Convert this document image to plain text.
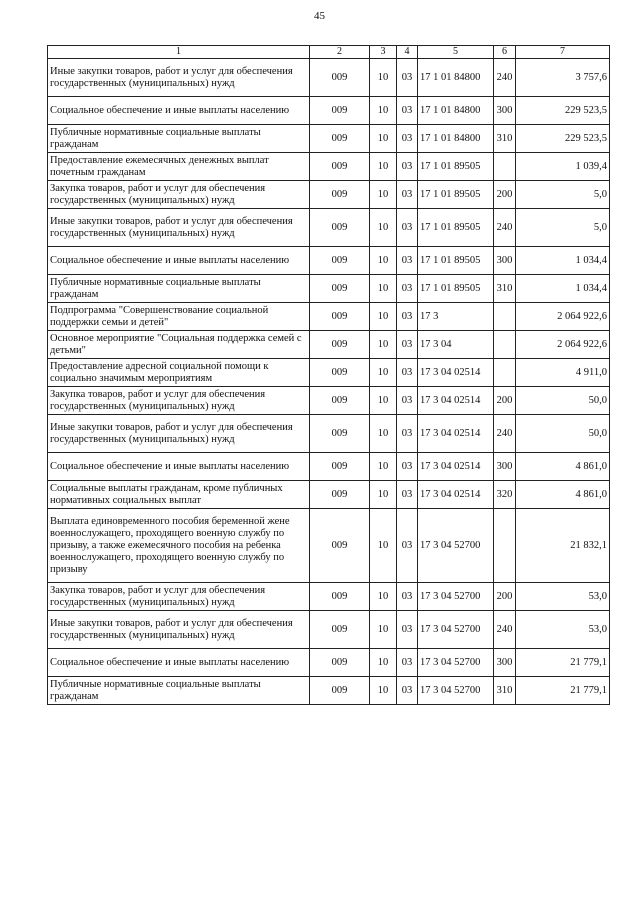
45
1	2	3	4	5	6	7
Иные закупки товаров, работ и услуг для обеспечения государственных (муниципальных) нужд	009	10	03	17 1 01 84800	240	3 757,6
Социальное обеспечение и иные выплаты населению	009	10	03	17 1 01 84800	300	229 523,5
Публичные нормативные социальные выплаты гражданам	009	10	03	17 1 01 84800	310	229 523,5
Предоставление ежемесячных денежных выплат почетным гражданам	009	10	03	17 1 01 89505		1 039,4
Закупка товаров, работ и услуг для обеспечения государственных (муниципальных) нужд	009	10	03	17 1 01 89505	200	5,0
Иные закупки товаров, работ и услуг для обеспечения государственных (муниципальных) нужд	009	10	03	17 1 01 89505	240	5,0
Социальное обеспечение и иные выплаты населению	009	10	03	17 1 01 89505	300	1 034,4
Публичные нормативные социальные выплаты гражданам	009	10	03	17 1 01 89505	310	1 034,4
Подпрограмма "Совершенствование социальной поддержки семьи и детей"	009	10	03	17 3		2 064 922,6
Основное мероприятие "Социальная поддержка семей с детьми"	009	10	03	17 3 04		2 064 922,6
Предоставление адресной социальной помощи к социально значимым мероприятиям	009	10	03	17 3 04 02514		4 911,0
Закупка товаров, работ и услуг для обеспечения государственных (муниципальных) нужд	009	10	03	17 3 04 02514	200	50,0
Иные закупки товаров, работ и услуг для обеспечения государственных (муниципальных) нужд	009	10	03	17 3 04 02514	240	50,0
Социальное обеспечение и иные выплаты населению	009	10	03	17 3 04 02514	300	4 861,0
Социальные выплаты гражданам, кроме публичных нормативных социальных выплат	009	10	03	17 3 04 02514	320	4 861,0
Выплата единовременного пособия беременной жене военнослужащего, проходящего военную службу по призыву, а также ежемесячного пособия на ребенка военнослужащего, проходящего военную службу по призыву	009	10	03	17 3 04 52700		21 832,1
Закупка товаров, работ и услуг для обеспечения государственных (муниципальных) нужд	009	10	03	17 3 04 52700	200	53,0
Иные закупки товаров, работ и услуг для обеспечения государственных (муниципальных) нужд	009	10	03	17 3 04 52700	240	53,0
Социальное обеспечение и иные выплаты населению	009	10	03	17 3 04 52700	300	21 779,1
Публичные нормативные социальные выплаты гражданам	009	10	03	17 3 04 52700	310	21 779,1
